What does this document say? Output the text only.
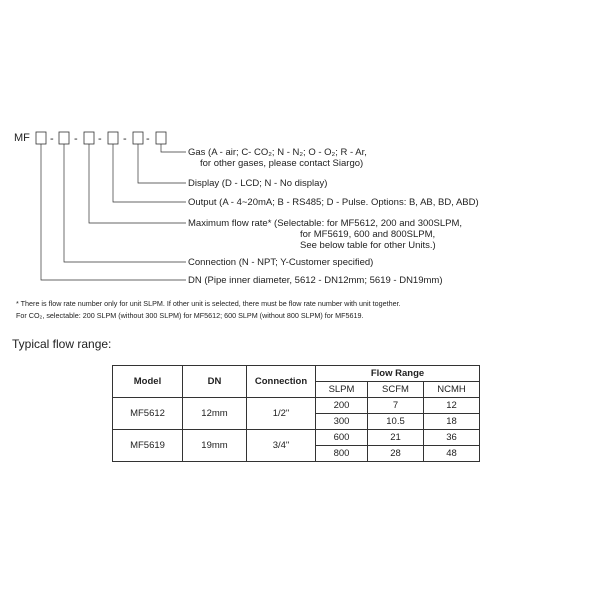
MF - - - - -
Gas (A - air; C- CO₂; N - N₂; O - O₂; R - Ar,
for other gases, please contact Siargo)
Display (D - LCD; N - No display)
Output (A - 4~20mA; B - RS485; D - Pulse. Options: B, AB, BD, ABD)
Maximum flow rate* (Selectable: for MF5612, 200 and 300SLPM,
for MF5619, 600 and 800SLPM,
See below table for other Units.)
Connection (N - NPT; Y-Customer specified)
DN (Pipe inner diameter, 5612 - DN12mm; 5619 - DN19mm)
* There is flow rate number only for unit SLPM. If other unit is selected, there must be flow rate number with unit together.
For CO₂, selectable: 200 SLPM (without 300 SLPM) for MF5612; 600 SLPM (without 800 SLPM) for MF5619.
Typical flow range:
Model	DN	Connection	Flow Range		
			SLPM	SCFM	NCMH
MF5612	12mm	1/2"	200	7	12
			300	10.5	18
MF5619	19mm	3/4"	600	21	36
			800	28	48
